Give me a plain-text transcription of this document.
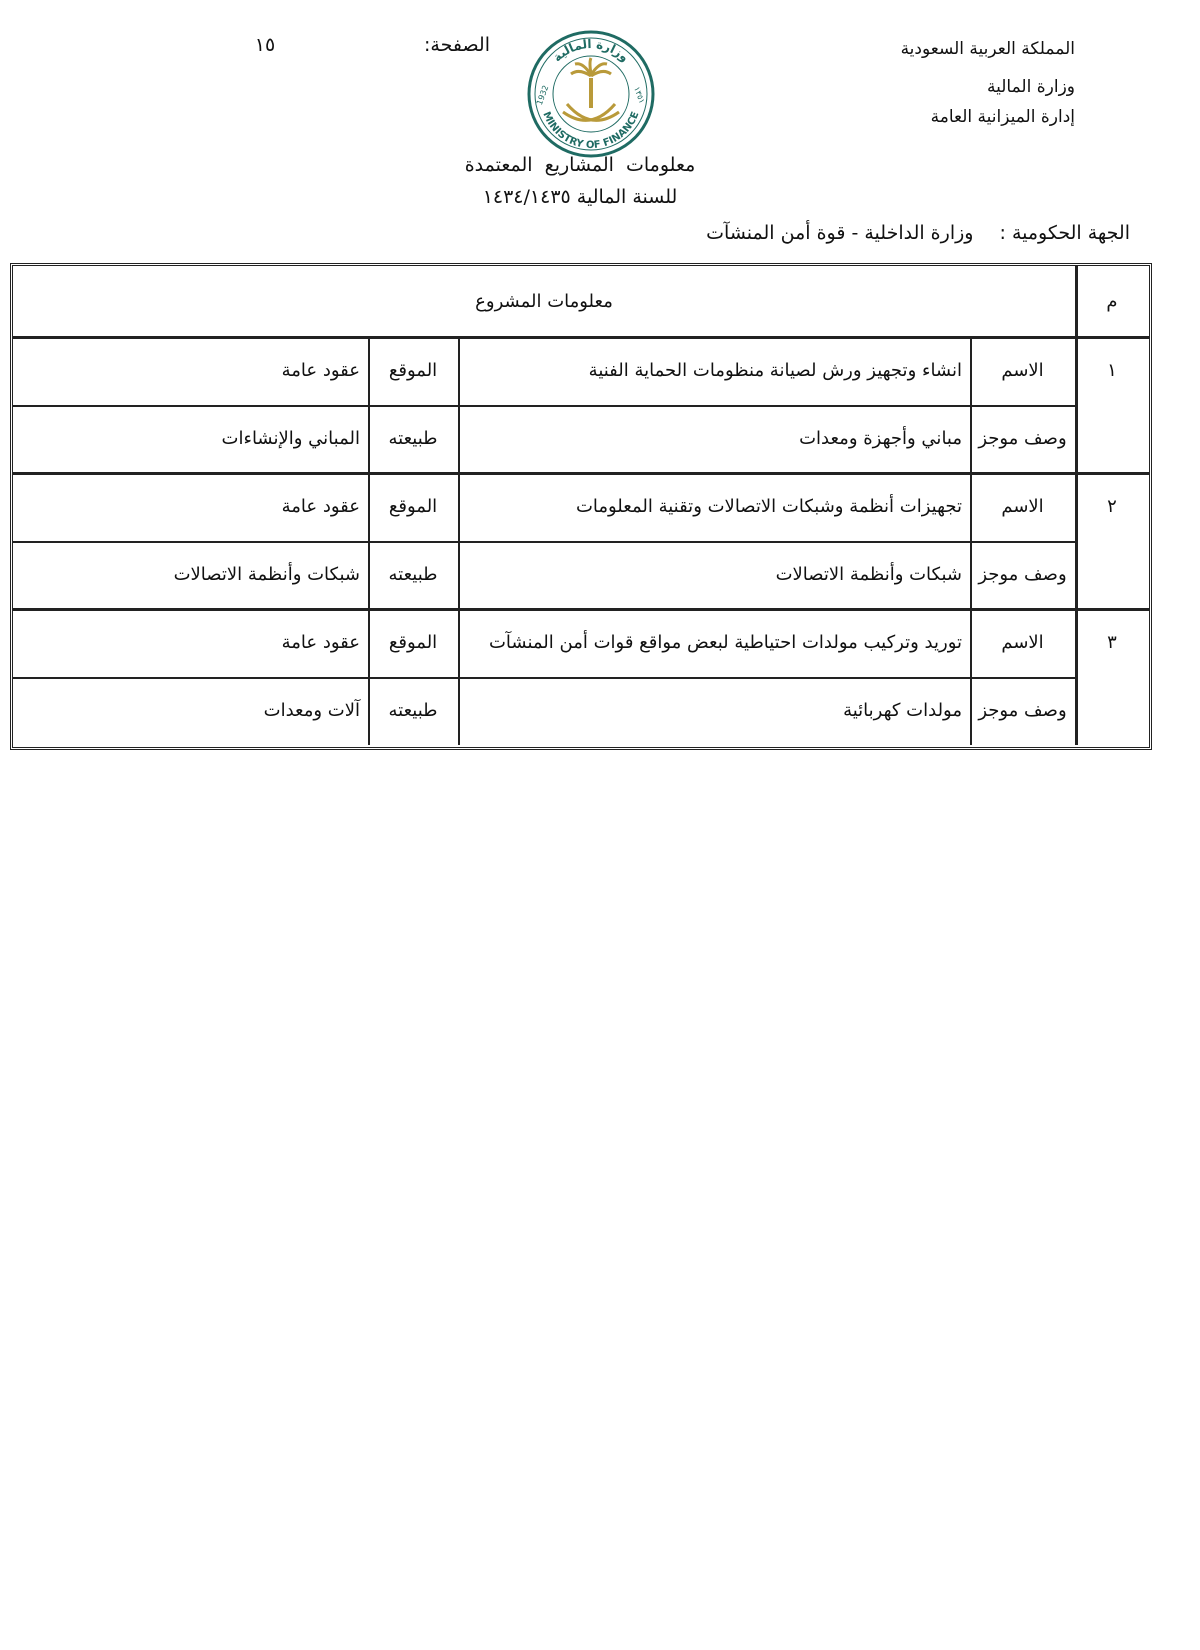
المملكة العربية السعودية
وزارة المالية
إدارة الميزانية العامة
الصفحة:
١٥
وزارة المالية
MINISTRY OF FINANCE
1932	١٣٥١
معلومات المشاريع المعتمدة
للسنة المالية ١٤٣٤/١٤٣٥
الجهة الحكومية : وزارة الداخلية - قوة أمن المنشآت
م
معلومات المشروع
١
الاسم
انشاء وتجهيز ورش لصيانة منظومات الحماية الفنية
الموقع
عقود عامة
وصف موجز
مباني وأجهزة ومعدات
طبيعته
المباني والإنشاءات
٢
الاسم
تجهيزات أنظمة وشبكات الاتصالات وتقنية المعلومات
الموقع
عقود عامة
وصف موجز
شبكات وأنظمة الاتصالات
طبيعته
شبكات وأنظمة الاتصالات
٣
الاسم
توريد وتركيب مولدات احتياطية لبعض مواقع قوات أمن المنشآت
الموقع
عقود عامة
وصف موجز
مولدات كهربائية
طبيعته
آلات ومعدات
